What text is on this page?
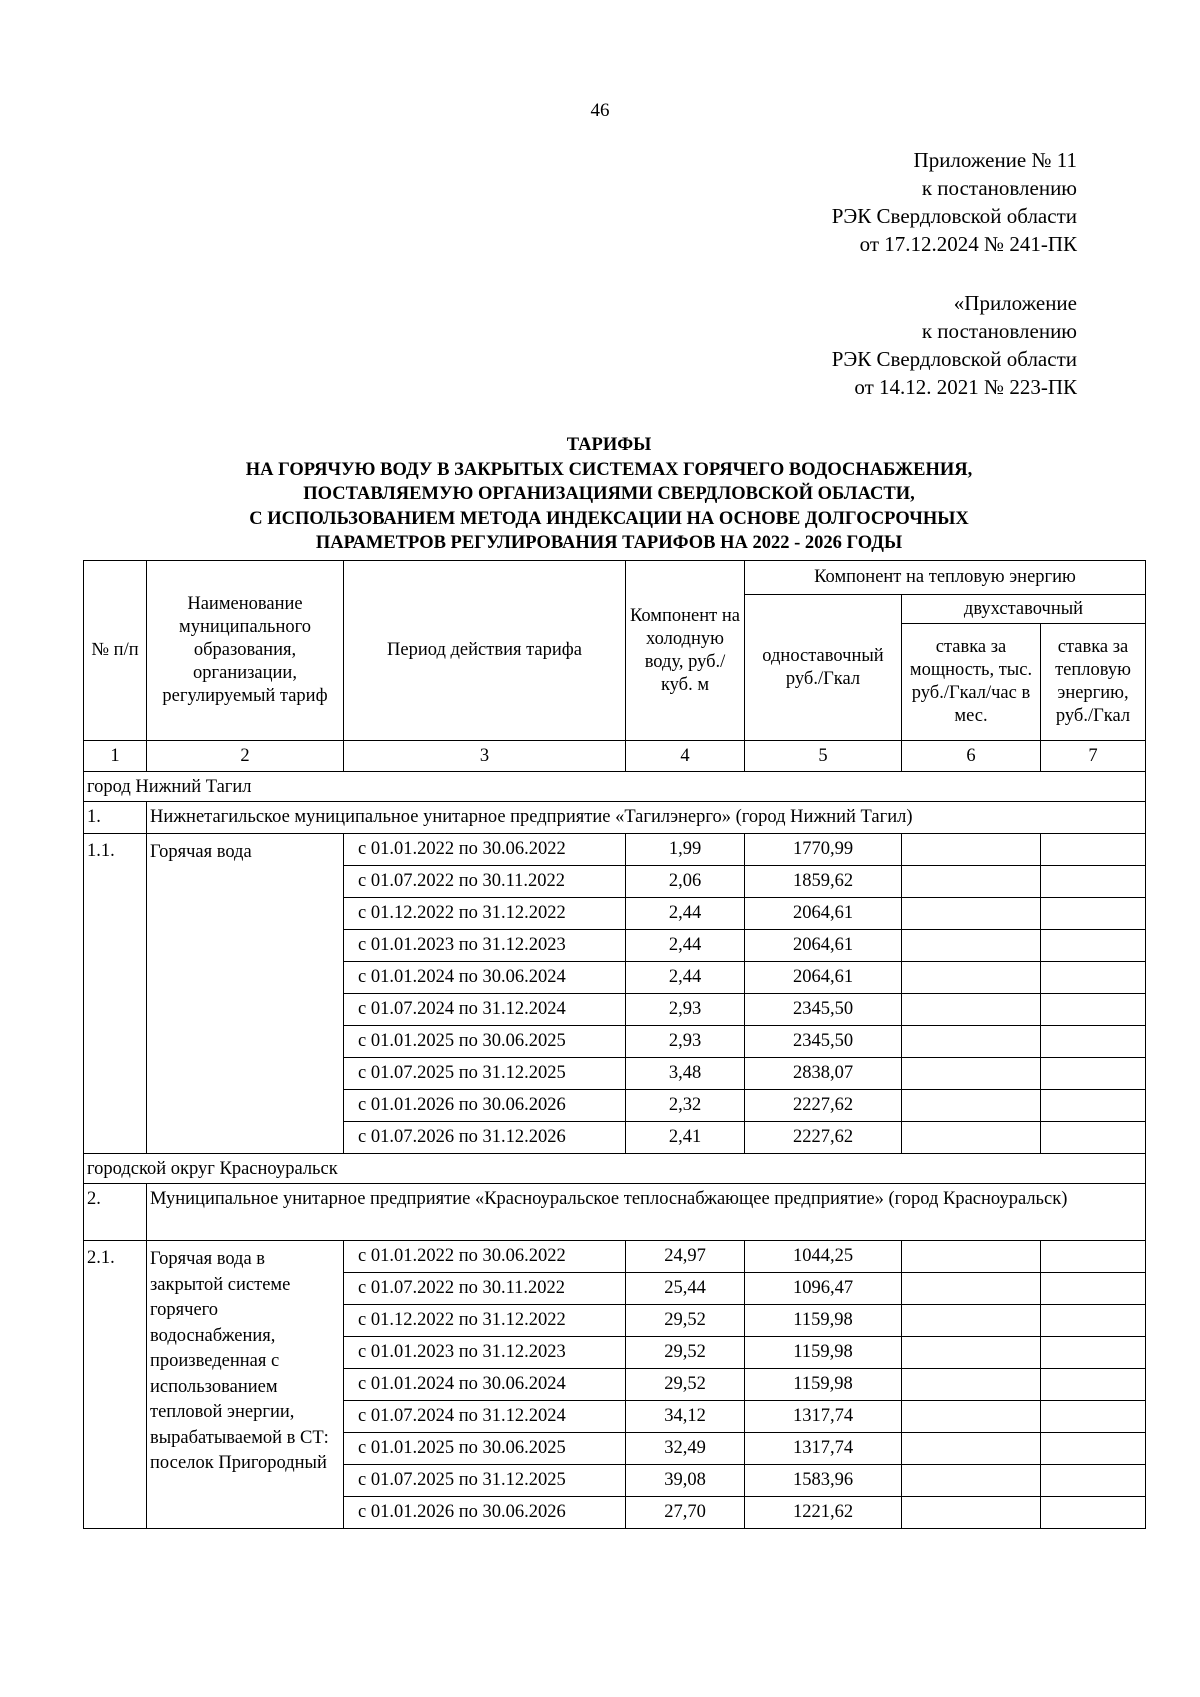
46
Приложение № 11
к постановлению
РЭК Свердловской области
от 17.12.2024 № 241-ПК
«Приложение
к постановлению
РЭК Свердловской области
от 14.12. 2021 № 223-ПК
ТАРИФЫ
НА ГОРЯЧУЮ ВОДУ В ЗАКРЫТЫХ СИСТЕМАХ ГОРЯЧЕГО ВОДОСНАБЖЕНИЯ,
ПОСТАВЛЯЕМУЮ ОРГАНИЗАЦИЯМИ СВЕРДЛОВСКОЙ ОБЛАСТИ,
С ИСПОЛЬЗОВАНИЕМ МЕТОДА ИНДЕКСАЦИИ НА ОСНОВЕ ДОЛГОСРОЧНЫХ
ПАРАМЕТРОВ РЕГУЛИРОВАНИЯ ТАРИФОВ НА 2022 - 2026 ГОДЫ
№ п/п	Наименование муниципального образования, организации, регулируемый тариф	Период действия тарифа	Компонент на холодную воду, руб./куб. м	Компонент на тепловую энергию		
				одноставочный руб./Гкал	двухставочный	
					ставка за мощность, тыс. руб./Гкал/час в мес.	ставка за тепловую энергию, руб./Гкал
1	2	3	4	5	6	7
город Нижний Тагил						
1.	Нижнетагильское муниципальное унитарное предприятие «Тагилэнерго» (город Нижний Тагил)					
1.1.	Горячая вода	с 01.01.2022 по 30.06.2022	1,99	1770,99		
		с 01.07.2022 по 30.11.2022	2,06	1859,62		
		с 01.12.2022 по 31.12.2022	2,44	2064,61		
		с 01.01.2023 по 31.12.2023	2,44	2064,61		
		с 01.01.2024 по 30.06.2024	2,44	2064,61		
		с 01.07.2024 по 31.12.2024	2,93	2345,50		
		с 01.01.2025 по 30.06.2025	2,93	2345,50		
		с 01.07.2025 по 31.12.2025	3,48	2838,07		
		с 01.01.2026 по 30.06.2026	2,32	2227,62		
		с 01.07.2026 по 31.12.2026	2,41	2227,62		
городской округ Красноуральск						
2.	Муниципальное унитарное предприятие «Красноуральское теплоснабжающее предприятие» (город Красноуральск)					
2.1.	Горячая вода в закрытой системе горячего водоснабжения, произведенная с использованием тепловой энергии, вырабатываемой в СТ: поселок Пригородный	с 01.01.2022 по 30.06.2022	24,97	1044,25		
		с 01.07.2022 по 30.11.2022	25,44	1096,47		
		с 01.12.2022 по 31.12.2022	29,52	1159,98		
		с 01.01.2023 по 31.12.2023	29,52	1159,98		
		с 01.01.2024 по 30.06.2024	29,52	1159,98		
		с 01.07.2024 по 31.12.2024	34,12	1317,74		
		с 01.01.2025 по 30.06.2025	32,49	1317,74		
		с 01.07.2025 по 31.12.2025	39,08	1583,96		
		с 01.01.2026 по 30.06.2026	27,70	1221,62		
